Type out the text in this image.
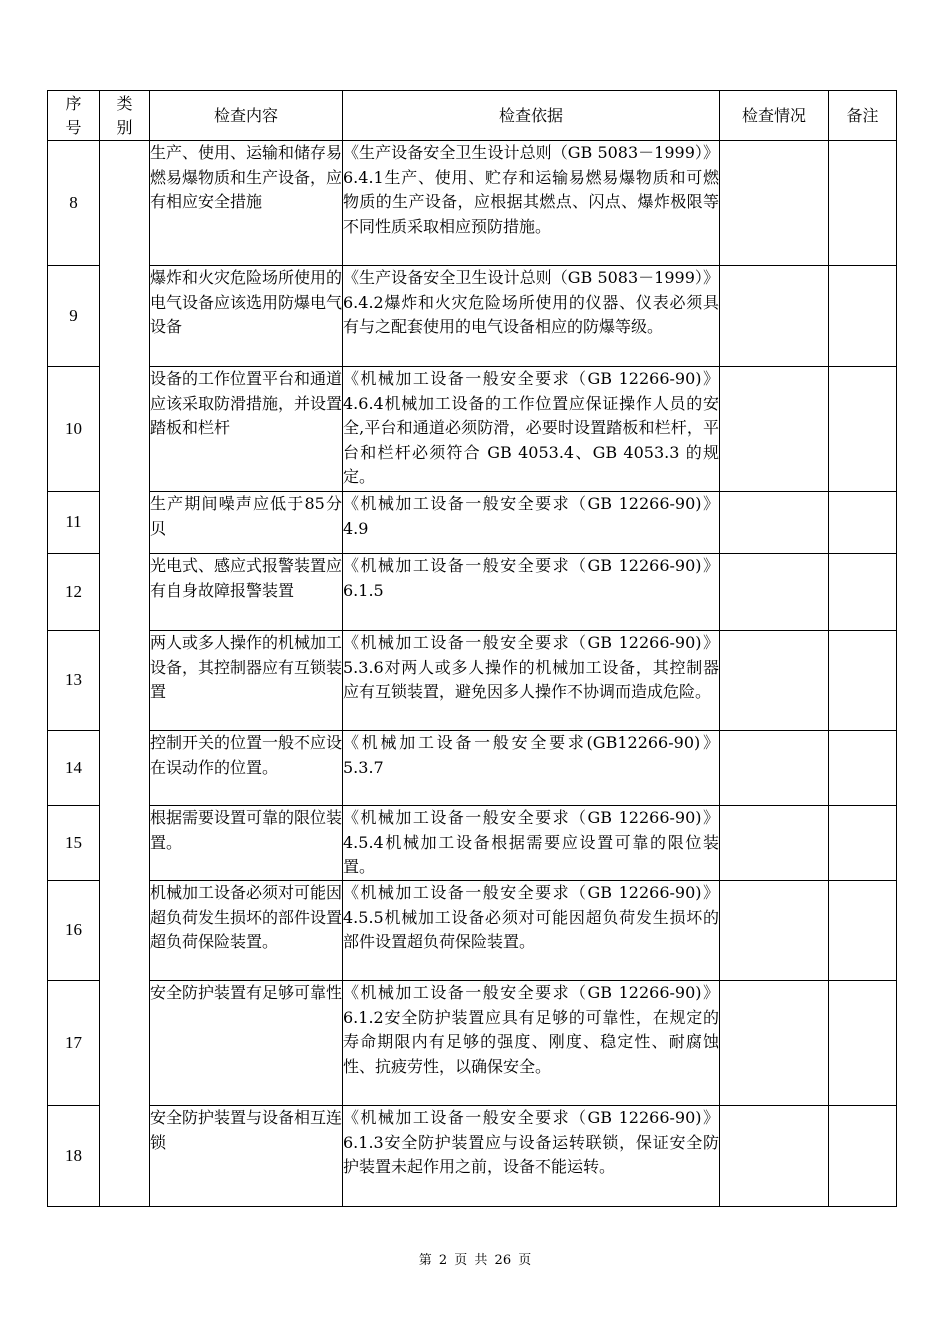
序号	类别	检查内容	检查依据	检查情况	备注
8		生产、使用、运输和储存易燃易爆物质和生产设备，应有相应安全措施	《生产设备安全卫生设计总则（GB 5083－1999）》 6.4.1生产、使用、贮存和运输易燃易爆物质和可燃物质的生产设备，应根据其燃点、闪点、爆炸极限等不同性质采取相应预防措施。		
9		爆炸和火灾危险场所使用的电气设备应该选用防爆电气设备	《生产设备安全卫生设计总则（GB 5083－1999）》 6.4.2爆炸和火灾危险场所使用的仪器、仪表必须具有与之配套使用的电气设备相应的防爆等级。		
10		设备的工作位置平台和通道应该采取防滑措施，并设置踏板和栏杆	《机械加工设备一般安全要求（GB 12266-90)》 4.6.4机械加工设备的工作位置应保证操作人员的安全,平台和通道必须防滑，必要时设置踏板和栏杆，平台和栏杆必须符合 GB 4053.4、GB 4053.3 的规定。		
11		生产期间噪声应低于85分贝	《机械加工设备一般安全要求（GB 12266-90)》 4.9		
12		光电式、感应式报警装置应有自身故障报警装置	《机械加工设备一般安全要求（GB 12266-90)》 6.1.5		
13		两人或多人操作的机械加工设备，其控制器应有互锁装置	《机械加工设备一般安全要求（GB 12266-90)》 5.3.6对两人或多人操作的机械加工设备，其控制器应有互锁装置，避免因多人操作不协调而造成危险。		
14		控制开关的位置一般不应设在误动作的位置。	《机械加工设备一般安全要求(GB12266-90)》 5.3.7		
15		根据需要设置可靠的限位装置。	《机械加工设备一般安全要求（GB 12266-90)》 4.5.4机械加工设备根据需要应设置可靠的限位装置。		
16		机械加工设备必须对可能因超负荷发生损坏的部件设置超负荷保险装置。	《机械加工设备一般安全要求（GB 12266-90)》 4.5.5机械加工设备必须对可能因超负荷发生损坏的部件设置超负荷保险装置。		
17		安全防护装置有足够可靠性	《机械加工设备一般安全要求（GB 12266-90)》 6.1.2安全防护装置应具有足够的可靠性，在规定的寿命期限内有足够的强度、刚度、稳定性、耐腐蚀性、抗疲劳性，以确保安全。		
18		安全防护装置与设备相互连锁	《机械加工设备一般安全要求（GB 12266-90)》 6.1.3安全防护装置应与设备运转联锁，保证安全防护装置未起作用之前，设备不能运转。		
第 2 页 共 26 页
